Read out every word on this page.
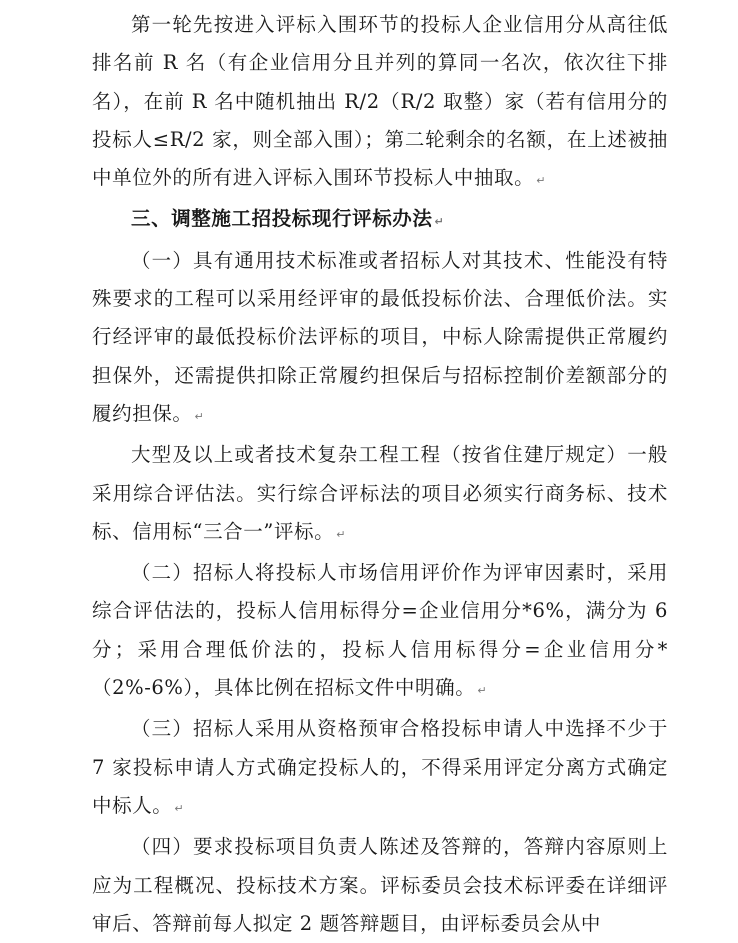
第一轮先按进入评标入围环节的投标人企业信用分从高往低排名前 R 名（有企业信用分且并列的算同一名次，依次往下排名），在前 R 名中随机抽出 R/2（R/2 取整）家（若有信用分的投标人≤R/2 家，则全部入围）；第二轮剩余的名额，在上述被抽中单位外的所有进入评标入围环节投标人中抽取。 ↵

三、调整施工招投标现行评标办法 ↵

（一）具有通用技术标准或者招标人对其技术、性能没有特殊要求的工程可以采用经评审的最低投标价法、合理低价法。实行经评审的最低投标价法评标的项目，中标人除需提供正常履约担保外，还需提供扣除正常履约担保后与招标控制价差额部分的履约担保。 ↵

大型及以上或者技术复杂工程工程（按省住建厅规定）一般采用综合评估法。实行综合评标法的项目必须实行商务标、技术标、信用标“三合一”评标。 ↵

（二）招标人将投标人市场信用评价作为评审因素时，采用综合评估法的，投标人信用标得分=企业信用分*6%，满分为 6 分；采用合理低价法的，投标人信用标得分=企业信用分*（2%-6%），具体比例在招标文件中明确。 ↵

（三）招标人采用从资格预审合格投标申请人中选择不少于 7 家投标申请人方式确定投标人的，不得采用评定分离方式确定中标人。 ↵

（四）要求投标项目负责人陈述及答辩的，答辩内容原则上应为工程概况、投标技术方案。评标委员会技术标评委在详细评审后、答辩前每人拟定 2 题答辩题目，由评标委员会从中
